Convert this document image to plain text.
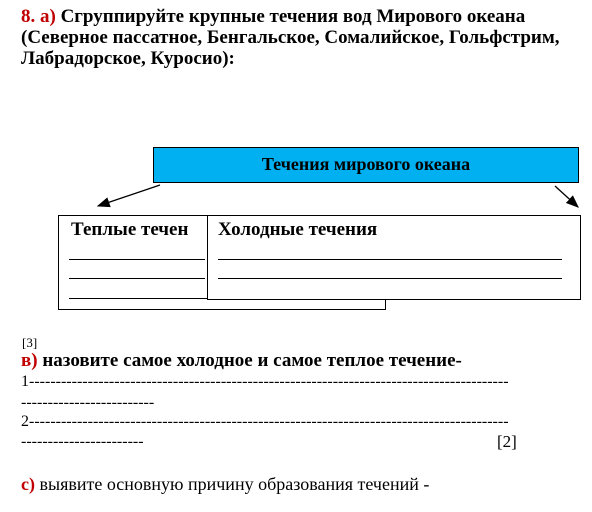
8. а) Сгруппируйте крупные течения вод Мирового океана (Северное пассатное, Бенгальское, Сомалийское, Гольфстрим, Лабрадорское, Куросио):
Течения мирового океана
Теплые течен Холодные течения
[3]
в) назовите самое холодное и самое теплое течение-
1------------------------------------------------------------------------------------------
-------------------------
2------------------------------------------------------------------------------------------
-----------------------	[2]
с) выявите основную причину образования течений -
